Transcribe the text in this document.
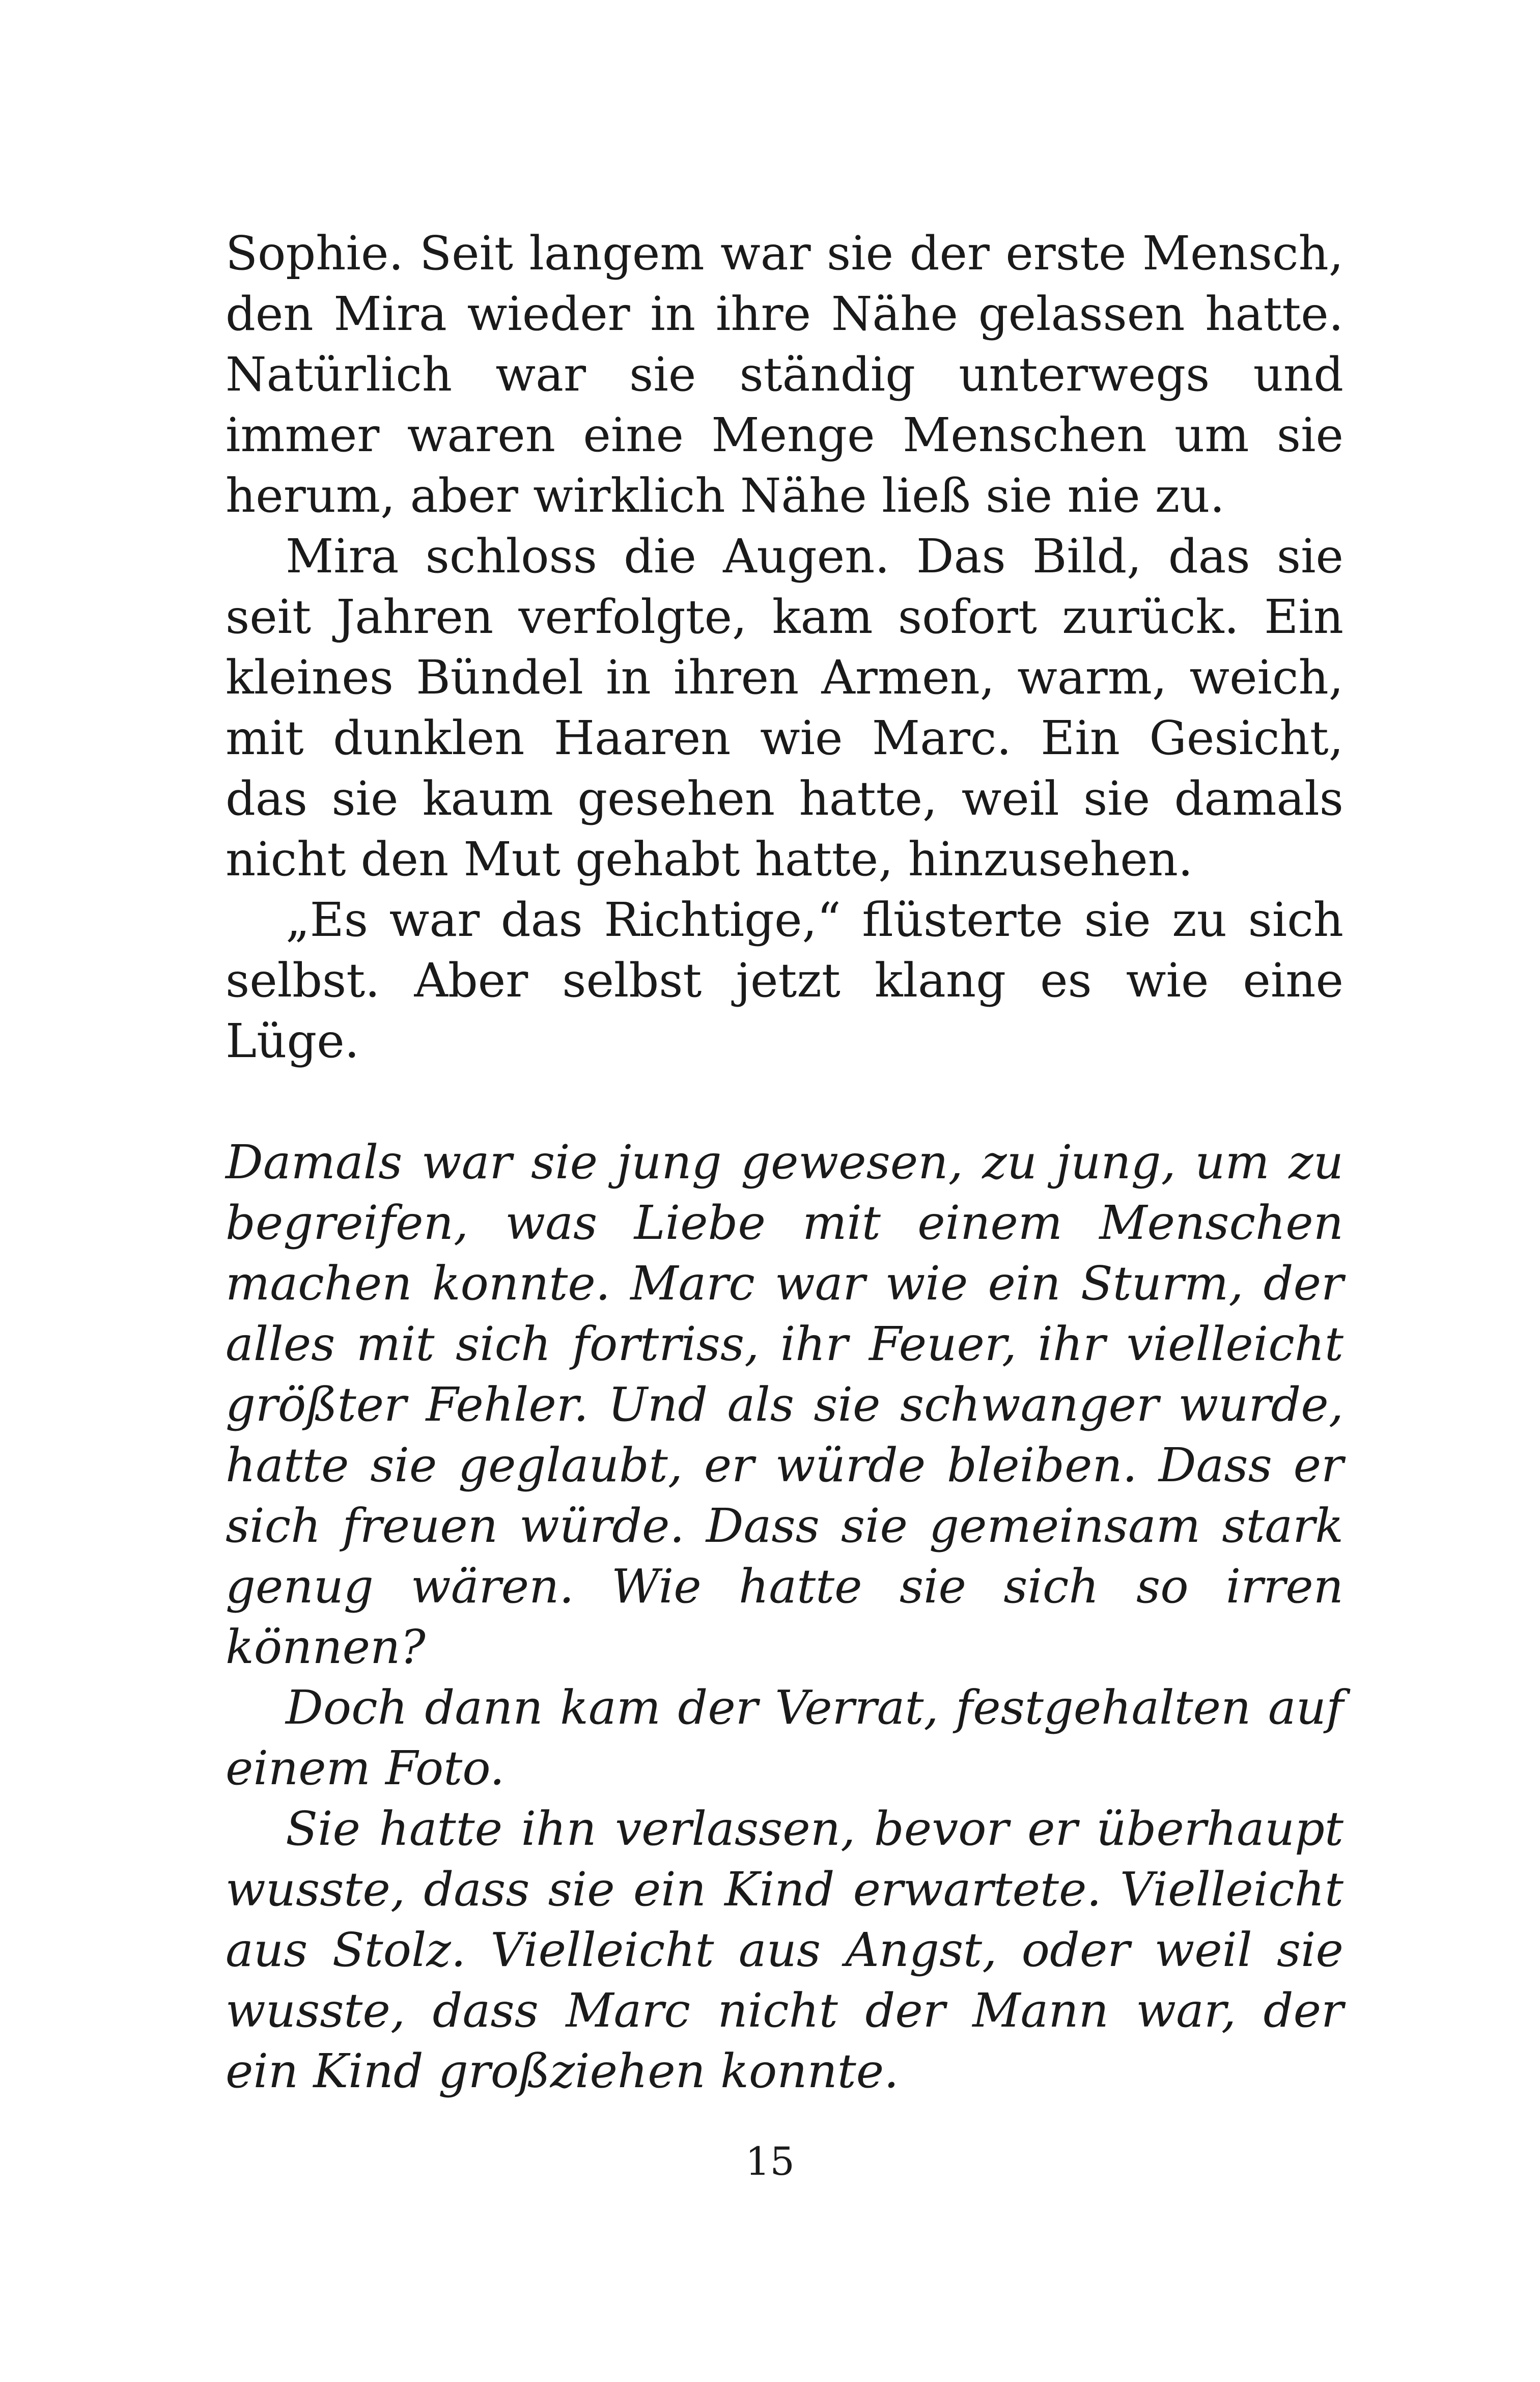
Sophie. Seit langem war sie der erste Mensch, den Mira wieder in ihre Nähe gelassen hatte. Natürlich war sie ständig unterwegs und immer waren eine Menge Menschen um sie herum, aber wirklich Nähe ließ sie nie zu.

Mira schloss die Augen. Das Bild, das sie seit Jahren verfolgte, kam sofort zurück. Ein kleines Bündel in ihren Armen, warm, weich, mit dunklen Haaren wie Marc. Ein Gesicht, das sie kaum gesehen hatte, weil sie damals nicht den Mut gehabt hatte, hinzusehen.

„Es war das Richtige,“ flüsterte sie zu sich selbst. Aber selbst jetzt klang es wie eine Lüge.

Damals war sie jung gewesen, zu jung, um zu begreifen, was Liebe mit einem Menschen machen konnte. Marc war wie ein Sturm, der alles mit sich fortriss, ihr Feuer, ihr vielleicht größter Fehler. Und als sie schwanger wurde, hatte sie geglaubt, er würde bleiben. Dass er sich freuen würde. Dass sie gemeinsam stark genug wären. Wie hatte sie sich so irren können?

Doch dann kam der Verrat, festgehalten auf einem Foto.

Sie hatte ihn verlassen, bevor er überhaupt wusste, dass sie ein Kind erwartete. Vielleicht aus Stolz. Vielleicht aus Angst, oder weil sie wusste, dass Marc nicht der Mann war, der ein Kind großziehen konnte.

15
